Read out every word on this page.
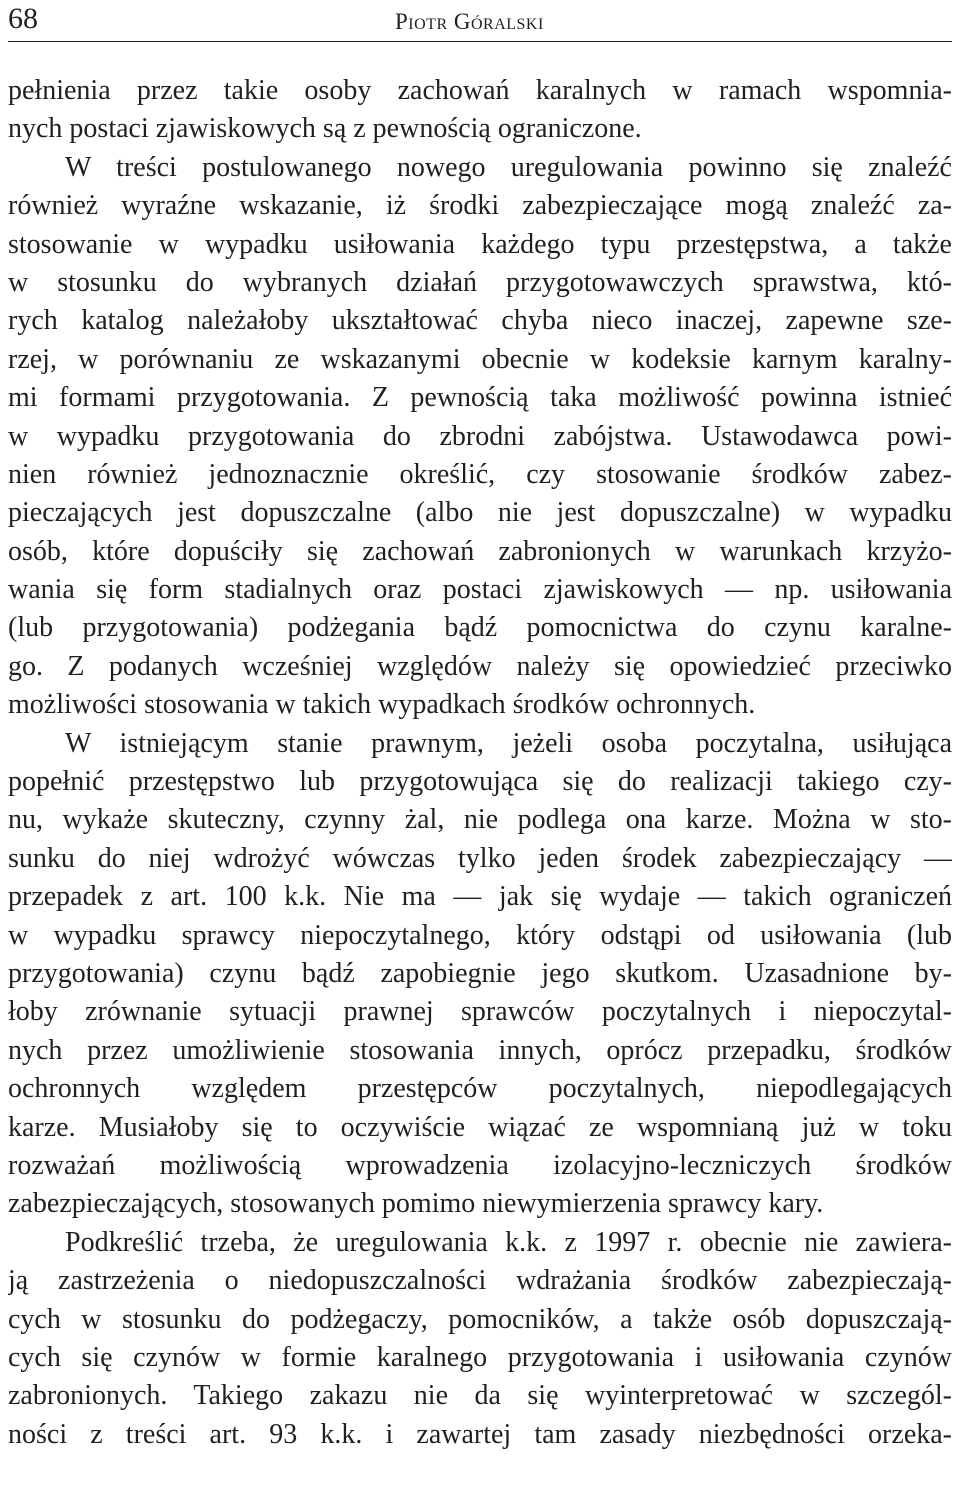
68	Piotr Góralski
pełnienia przez takie osoby zachowań karalnych w ramach wspomnia-
nych postaci zjawiskowych są z pewnością ograniczone.
W treści postulowanego nowego uregulowania powinno się znaleźć
również wyraźne wskazanie, iż środki zabezpieczające mogą znaleźć za-
stosowanie w wypadku usiłowania każdego typu przestępstwa, a także
w stosunku do wybranych działań przygotowawczych sprawstwa, któ-
rych katalog należałoby ukształtować chyba nieco inaczej, zapewne sze-
rzej, w porównaniu ze wskazanymi obecnie w kodeksie karnym karalny-
mi formami przygotowania. Z pewnością taka możliwość powinna istnieć
w wypadku przygotowania do zbrodni zabójstwa. Ustawodawca powi-
nien również jednoznacznie określić, czy stosowanie środków zabez-
pieczających jest dopuszczalne (albo nie jest dopuszczalne) w wypadku
osób, które dopuściły się zachowań zabronionych w warunkach krzyżo-
wania się form stadialnych oraz postaci zjawiskowych — np. usiłowania
(lub przygotowania) podżegania bądź pomocnictwa do czynu karalne-
go. Z podanych wcześniej względów należy się opowiedzieć przeciwko
możliwości stosowania w takich wypadkach środków ochronnych.
W istniejącym stanie prawnym, jeżeli osoba poczytalna, usiłująca
popełnić przestępstwo lub przygotowująca się do realizacji takiego czy-
nu, wykaże skuteczny, czynny żal, nie podlega ona karze. Można w sto-
sunku do niej wdrożyć wówczas tylko jeden środek zabezpieczający —
przepadek z art. 100 k.k. Nie ma — jak się wydaje — takich ograniczeń
w wypadku sprawcy niepoczytalnego, który odstąpi od usiłowania (lub
przygotowania) czynu bądź zapobiegnie jego skutkom. Uzasadnione by-
łoby zrównanie sytuacji prawnej sprawców poczytalnych i niepoczytal-
nych przez umożliwienie stosowania innych, oprócz przepadku, środków
ochronnych względem przestępców poczytalnych, niepodlegających
karze. Musiałoby się to oczywiście wiązać ze wspomnianą już w toku
rozważań możliwością wprowadzenia izolacyjno-leczniczych środków
zabezpieczających, stosowanych pomimo niewymierzenia sprawcy kary.
Podkreślić trzeba, że uregulowania k.k. z 1997 r. obecnie nie zawiera-
ją zastrzeżenia o niedopuszczalności wdrażania środków zabezpieczają-
cych w stosunku do podżegaczy, pomocników, a także osób dopuszczają-
cych się czynów w formie karalnego przygotowania i usiłowania czynów
zabronionych. Takiego zakazu nie da się wyinterpretować w szczegól-
ności z treści art. 93 k.k. i zawartej tam zasady niezbędności orzeka-
